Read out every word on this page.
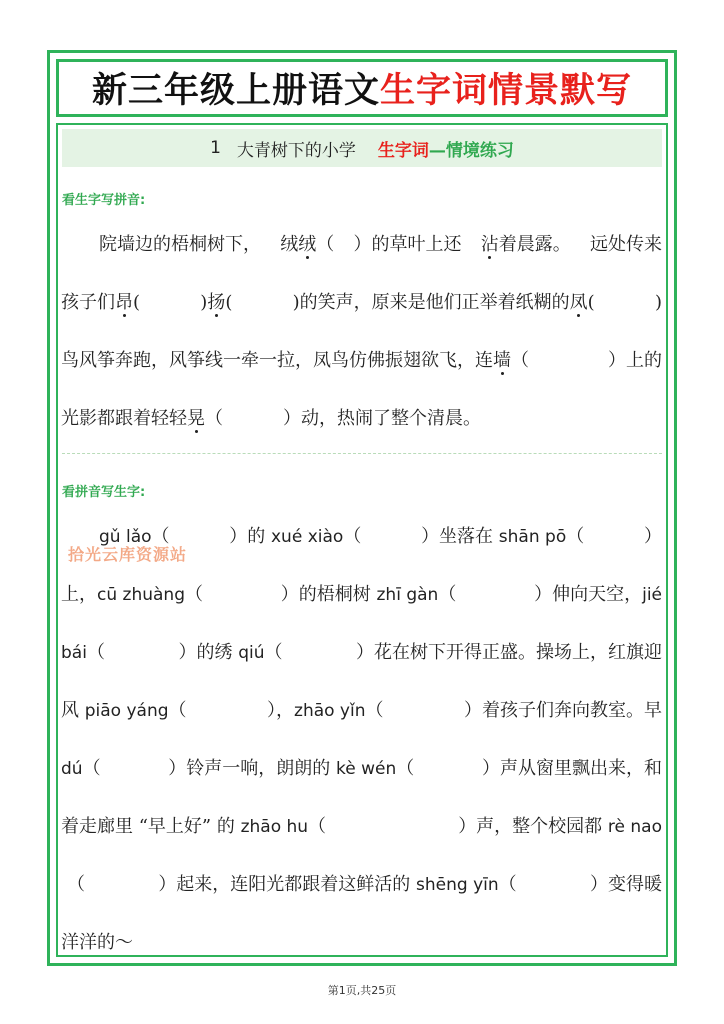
新三年级上册语文 生字词情景默写
1 大青树下的小学 生字词 —情境练习
看生字写拼音:
院墙边的梧桐树下， 绒绒（ ）的草叶上还 沾着晨露。 远处传来
孩子们昂(	)扬(	)的笑声，原来是他们正举着纸糊的凤(	)
鸟风筝奔跑，风筝线一牵一拉，凤鸟仿佛振翅欲飞，连墙（	）上的
光影都跟着轻轻晃（	）动，热闹了整个清晨。
看拼音写生字:
拾光云库资源站
gǔ lǎo（	）的 xué xiào（	）坐落在 shān pō（	）
上，cū zhuàng（	）的梧桐树 zhī gàn（	）伸向天空，jié
bái（	）的绣 qiú（	）花在树下开得正盛。操场上，红旗迎
风 piāo yáng（	），zhāo yǐn（	）着孩子们奔向教室。早
dú（	）铃声一响，朗朗的 kè wén（	）声从窗里飘出来，和
着走廊里 “早上好” 的 zhāo hu（	）声，整个校园都 rè nao
（	）起来，连阳光都跟着这鲜活的 shēng yīn（	）变得暖
洋洋的～
第1页,共25页
